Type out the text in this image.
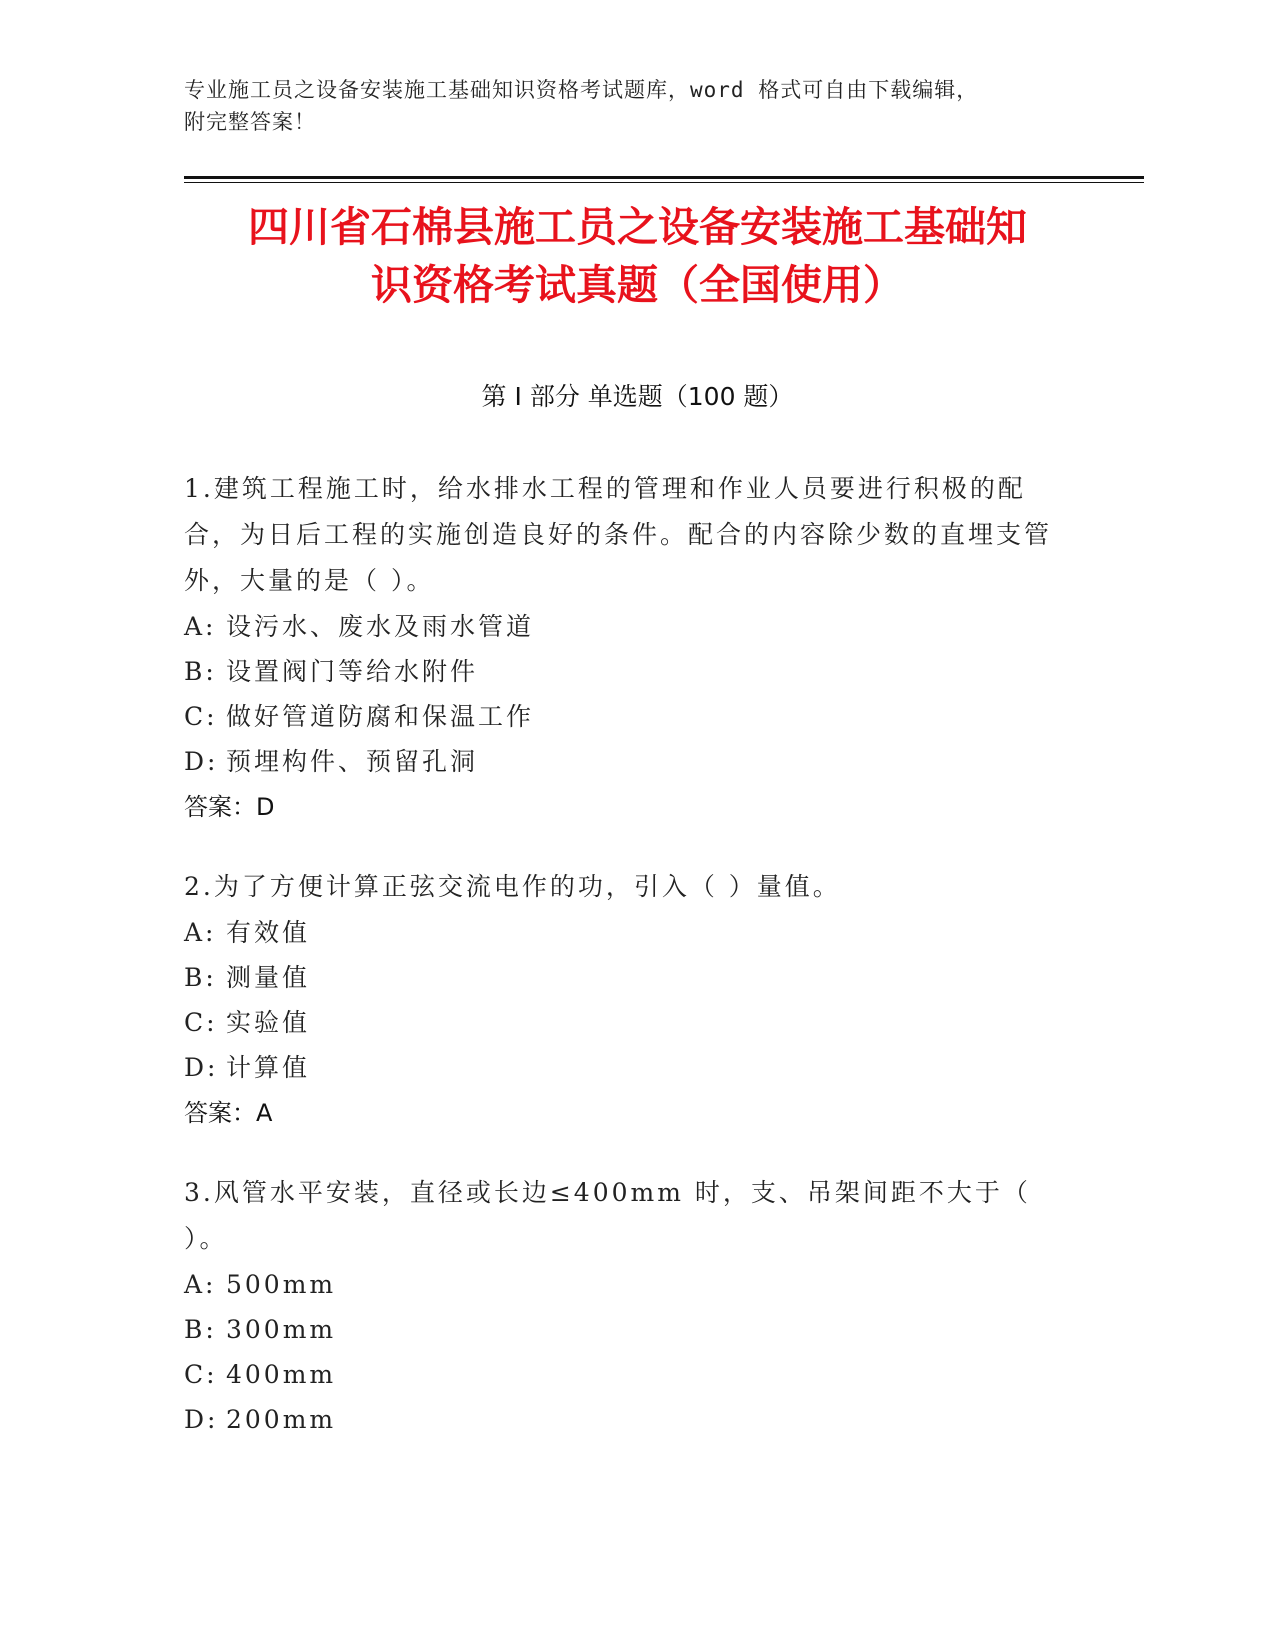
专业施工员之设备安装施工基础知识资格考试题库，word 格式可自由下载编辑，
附完整答案！
四川省石棉县施工员之设备安装施工基础知
识资格考试真题（全国使用）
第 I 部分 单选题（100 题）
1.建筑工程施工时，给水排水工程的管理和作业人员要进行积极的配合，为日后工程的实施创造良好的条件。配合的内容除少数的直埋支管外，大量的是（ ）。
A: 设污水、废水及雨水管道
B: 设置阀门等给水附件
C: 做好管道防腐和保温工作
D: 预埋构件、预留孔洞
答案：D
2.为了方便计算正弦交流电作的功，引入（ ）量值。
A: 有效值
B: 测量值
C: 实验值
D: 计算值
答案：A
3.风管水平安装，直径或长边≤400mm 时，支、吊架间距不大于（ ）。
A: 500mm
B: 300mm
C: 400mm
D: 200mm
